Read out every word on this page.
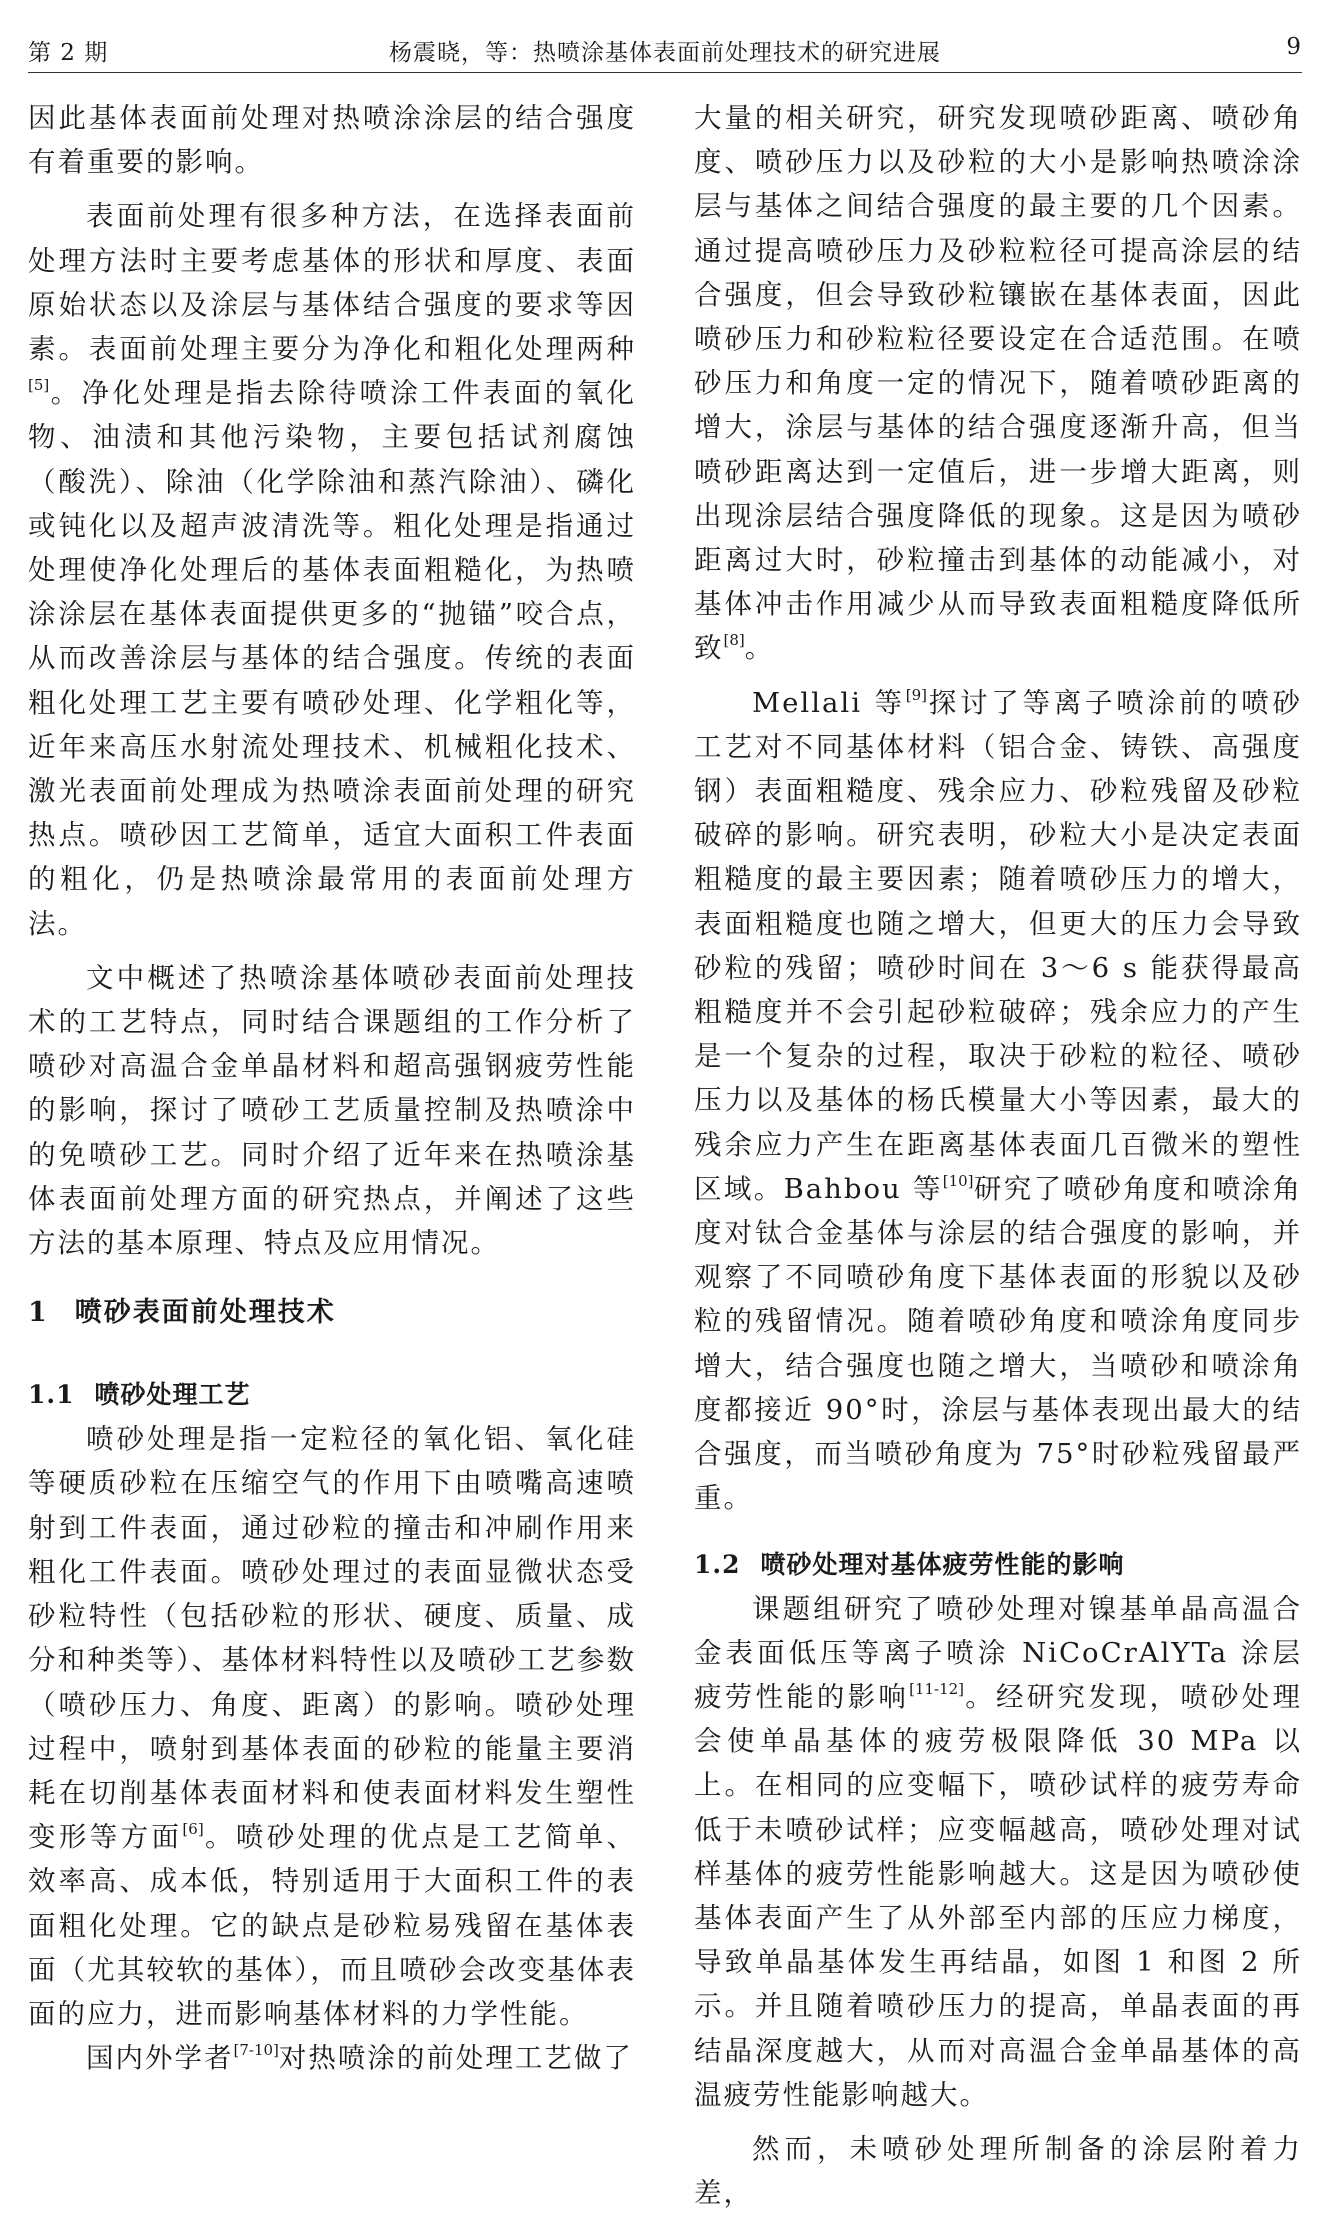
第 2 期	杨震晓，等：热喷涂基体表面前处理技术的研究进展	9

因此基体表面前处理对热喷涂涂层的结合强度有着重要的影响。

表面前处理有很多种方法，在选择表面前处理方法时主要考虑基体的形状和厚度、表面原始状态以及涂层与基体结合强度的要求等因素。表面前处理主要分为净化和粗化处理两种[5]。净化处理是指去除待喷涂工件表面的氧化物、油渍和其他污染物，主要包括试剂腐蚀（酸洗）、除油（化学除油和蒸汽除油）、磷化或钝化以及超声波清洗等。粗化处理是指通过处理使净化处理后的基体表面粗糙化，为热喷涂涂层在基体表面提供更多的“抛锚”咬合点，从而改善涂层与基体的结合强度。传统的表面粗化处理工艺主要有喷砂处理、化学粗化等，近年来高压水射流处理技术、机械粗化技术、激光表面前处理成为热喷涂表面前处理的研究热点。喷砂因工艺简单，适宜大面积工件表面的粗化，仍是热喷涂最常用的表面前处理方法。

文中概述了热喷涂基体喷砂表面前处理技术的工艺特点，同时结合课题组的工作分析了喷砂对高温合金单晶材料和超高强钢疲劳性能的影响，探讨了喷砂工艺质量控制及热喷涂中的免喷砂工艺。同时介绍了近年来在热喷涂基体表面前处理方面的研究热点，并阐述了这些方法的基本原理、特点及应用情况。

1 喷砂表面前处理技术
1.1 喷砂处理工艺

喷砂处理是指一定粒径的氧化铝、氧化硅等硬质砂粒在压缩空气的作用下由喷嘴高速喷射到工件表面，通过砂粒的撞击和冲刷作用来粗化工件表面。喷砂处理过的表面显微状态受砂粒特性（包括砂粒的形状、硬度、质量、成分和种类等）、基体材料特性以及喷砂工艺参数（喷砂压力、角度、距离）的影响。喷砂处理过程中，喷射到基体表面的砂粒的能量主要消耗在切削基体表面材料和使表面材料发生塑性变形等方面[6]。喷砂处理的优点是工艺简单、效率高、成本低，特别适用于大面积工件的表面粗化处理。它的缺点是砂粒易残留在基体表面（尤其较软的基体），而且喷砂会改变基体表面的应力，进而影响基体材料的力学性能。

国内外学者[7-10]对热喷涂的前处理工艺做了

大量的相关研究，研究发现喷砂距离、喷砂角度、喷砂压力以及砂粒的大小是影响热喷涂涂层与基体之间结合强度的最主要的几个因素。通过提高喷砂压力及砂粒粒径可提高涂层的结合强度，但会导致砂粒镶嵌在基体表面，因此喷砂压力和砂粒粒径要设定在合适范围。在喷砂压力和角度一定的情况下，随着喷砂距离的增大，涂层与基体的结合强度逐渐升高，但当喷砂距离达到一定值后，进一步增大距离，则出现涂层结合强度降低的现象。这是因为喷砂距离过大时，砂粒撞击到基体的动能减小，对基体冲击作用减少从而导致表面粗糙度降低所致[8]。

Mellali 等[9]探讨了等离子喷涂前的喷砂工艺对不同基体材料（铝合金、铸铁、高强度钢）表面粗糙度、残余应力、砂粒残留及砂粒破碎的影响。研究表明，砂粒大小是决定表面粗糙度的最主要因素；随着喷砂压力的增大，表面粗糙度也随之增大，但更大的压力会导致砂粒的残留；喷砂时间在 3～6 s 能获得最高粗糙度并不会引起砂粒破碎；残余应力的产生是一个复杂的过程，取决于砂粒的粒径、喷砂压力以及基体的杨氏模量大小等因素，最大的残余应力产生在距离基体表面几百微米的塑性区域。Bahbou 等[10]研究了喷砂角度和喷涂角度对钛合金基体与涂层的结合强度的影响，并观察了不同喷砂角度下基体表面的形貌以及砂粒的残留情况。随着喷砂角度和喷涂角度同步增大，结合强度也随之增大，当喷砂和喷涂角度都接近 90°时，涂层与基体表现出最大的结合强度，而当喷砂角度为 75°时砂粒残留最严重。

1.2 喷砂处理对基体疲劳性能的影响

课题组研究了喷砂处理对镍基单晶高温合金表面低压等离子喷涂 NiCoCrAlYTa 涂层疲劳性能的影响[11-12]。经研究发现，喷砂处理会使单晶基体的疲劳极限降低 30 MPa 以上。在相同的应变幅下，喷砂试样的疲劳寿命低于未喷砂试样；应变幅越高，喷砂处理对试样基体的疲劳性能影响越大。这是因为喷砂使基体表面产生了从外部至内部的压应力梯度，导致单晶基体发生再结晶，如图 1 和图 2 所示。并且随着喷砂压力的提高，单晶表面的再结晶深度越大，从而对高温合金单晶基体的高温疲劳性能影响越大。

然而，未喷砂处理所制备的涂层附着力差，
